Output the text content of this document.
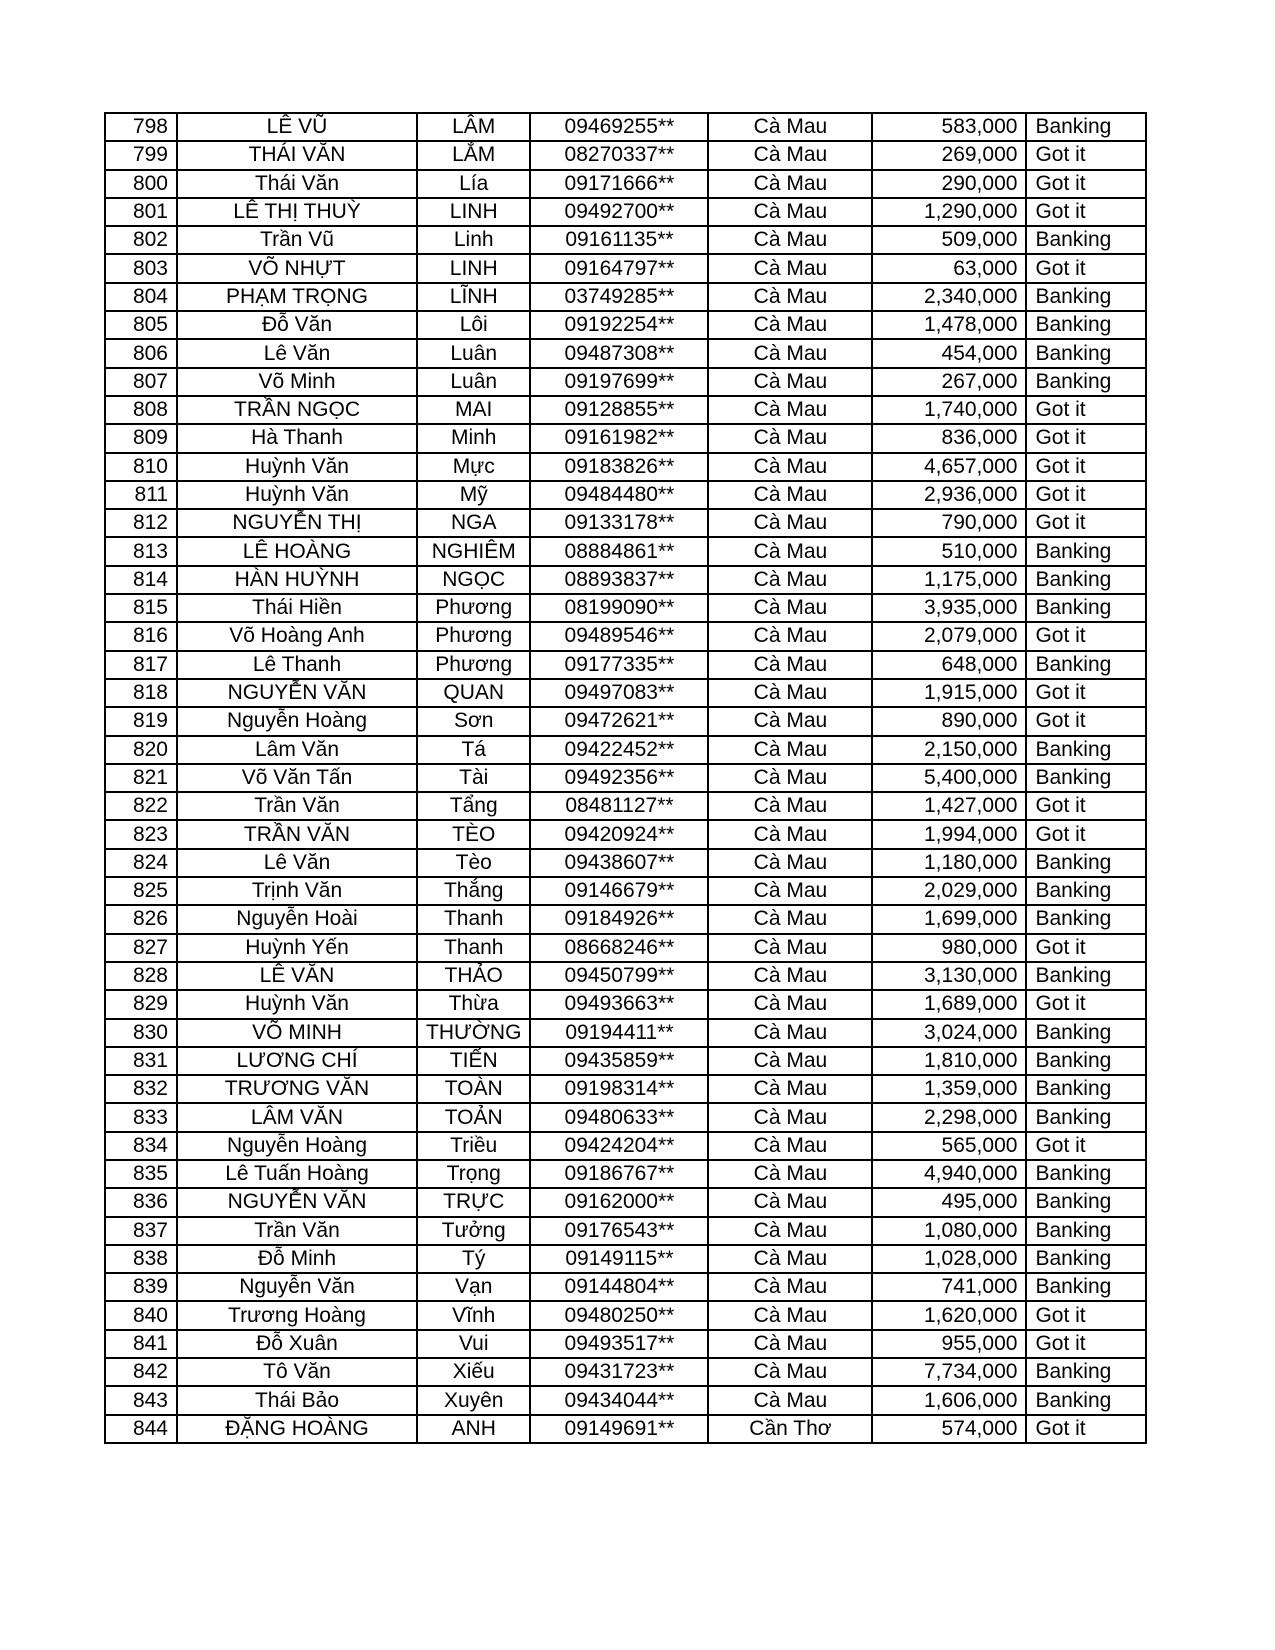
798	LÊ VŨ	LÂM	09469255**	Cà Mau	583,000	Banking
799	THÁI VĂN	LẮM	08270337**	Cà Mau	269,000	Got it
800	Thái Văn	Lía	09171666**	Cà Mau	290,000	Got it
801	LÊ THỊ THUỲ	LINH	09492700**	Cà Mau	1,290,000	Got it
802	Trần Vũ	Linh	09161135**	Cà Mau	509,000	Banking
803	VÕ NHỰT	LINH	09164797**	Cà Mau	63,000	Got it
804	PHẠM TRỌNG	LĨNH	03749285**	Cà Mau	2,340,000	Banking
805	Đỗ Văn	Lôi	09192254**	Cà Mau	1,478,000	Banking
806	Lê Văn	Luân	09487308**	Cà Mau	454,000	Banking
807	Võ Minh	Luân	09197699**	Cà Mau	267,000	Banking
808	TRẦN NGỌC	MAI	09128855**	Cà Mau	1,740,000	Got it
809	Hà Thanh	Minh	09161982**	Cà Mau	836,000	Got it
810	Huỳnh Văn	Mực	09183826**	Cà Mau	4,657,000	Got it
811	Huỳnh Văn	Mỹ	09484480**	Cà Mau	2,936,000	Got it
812	NGUYỄN THỊ	NGA	09133178**	Cà Mau	790,000	Got it
813	LÊ HOÀNG	NGHIÊM	08884861**	Cà Mau	510,000	Banking
814	HÀN HUỲNH	NGỌC	08893837**	Cà Mau	1,175,000	Banking
815	Thái Hiền	Phương	08199090**	Cà Mau	3,935,000	Banking
816	Võ Hoàng Anh	Phương	09489546**	Cà Mau	2,079,000	Got it
817	Lê Thanh	Phương	09177335**	Cà Mau	648,000	Banking
818	NGUYỄN VĂN	QUAN	09497083**	Cà Mau	1,915,000	Got it
819	Nguyễn Hoàng	Sơn	09472621**	Cà Mau	890,000	Got it
820	Lâm Văn	Tá	09422452**	Cà Mau	2,150,000	Banking
821	Võ Văn Tấn	Tài	09492356**	Cà Mau	5,400,000	Banking
822	Trần Văn	Tẩng	08481127**	Cà Mau	1,427,000	Got it
823	TRẦN VĂN	TÈO	09420924**	Cà Mau	1,994,000	Got it
824	Lê Văn	Tèo	09438607**	Cà Mau	1,180,000	Banking
825	Trịnh Văn	Thắng	09146679**	Cà Mau	2,029,000	Banking
826	Nguyễn Hoài	Thanh	09184926**	Cà Mau	1,699,000	Banking
827	Huỳnh Yến	Thanh	08668246**	Cà Mau	980,000	Got it
828	LÊ VĂN	THẢO	09450799**	Cà Mau	3,130,000	Banking
829	Huỳnh Văn	Thừa	09493663**	Cà Mau	1,689,000	Got it
830	VÕ MINH	THƯỜNG	09194411**	Cà Mau	3,024,000	Banking
831	LƯƠNG CHÍ	TIẾN	09435859**	Cà Mau	1,810,000	Banking
832	TRƯƠNG VĂN	TOÀN	09198314**	Cà Mau	1,359,000	Banking
833	LÂM VĂN	TOẢN	09480633**	Cà Mau	2,298,000	Banking
834	Nguyễn Hoàng	Triều	09424204**	Cà Mau	565,000	Got it
835	Lê Tuấn Hoàng	Trọng	09186767**	Cà Mau	4,940,000	Banking
836	NGUYỄN VĂN	TRỰC	09162000**	Cà Mau	495,000	Banking
837	Trần Văn	Tưởng	09176543**	Cà Mau	1,080,000	Banking
838	Đỗ Minh	Tý	09149115**	Cà Mau	1,028,000	Banking
839	Nguyễn Văn	Vạn	09144804**	Cà Mau	741,000	Banking
840	Trương Hoàng	Vĩnh	09480250**	Cà Mau	1,620,000	Got it
841	Đỗ Xuân	Vui	09493517**	Cà Mau	955,000	Got it
842	Tô Văn	Xiếu	09431723**	Cà Mau	7,734,000	Banking
843	Thái Bảo	Xuyên	09434044**	Cà Mau	1,606,000	Banking
844	ĐẶNG HOÀNG	ANH	09149691**	Cần Thơ	574,000	Got it
